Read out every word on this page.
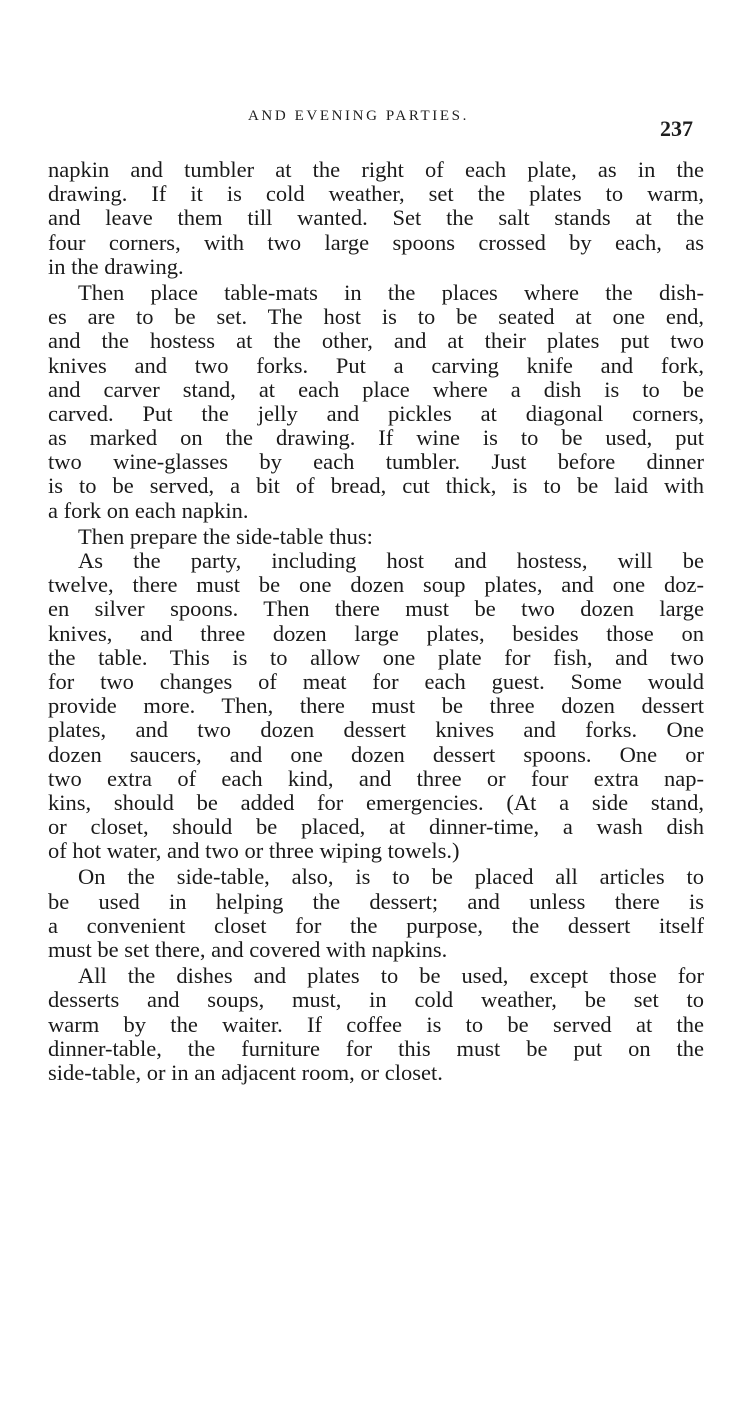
AND EVENING PARTIES.	237
napkin and tumbler at the right of each plate, as in the
drawing. If it is cold weather, set the plates to warm,
and leave them till wanted. Set the salt stands at the
four corners, with two large spoons crossed by each, as
in the drawing.
Then place table-mats in the places where the dish-
es are to be set. The host is to be seated at one end,
and the hostess at the other, and at their plates put two
knives and two forks. Put a carving knife and fork,
and carver stand, at each place where a dish is to be
carved. Put the jelly and pickles at diagonal corners,
as marked on the drawing. If wine is to be used, put
two wine-glasses by each tumbler. Just before dinner
is to be served, a bit of bread, cut thick, is to be laid with
a fork on each napkin.
Then prepare the side-table thus:
As the party, including host and hostess, will be
twelve, there must be one dozen soup plates, and one doz-
en silver spoons. Then there must be two dozen large
knives, and three dozen large plates, besides those on
the table. This is to allow one plate for fish, and two
for two changes of meat for each guest. Some would
provide more. Then, there must be three dozen dessert
plates, and two dozen dessert knives and forks. One
dozen saucers, and one dozen dessert spoons. One or
two extra of each kind, and three or four extra nap-
kins, should be added for emergencies. (At a side stand,
or closet, should be placed, at dinner-time, a wash dish
of hot water, and two or three wiping towels.)
On the side-table, also, is to be placed all articles to
be used in helping the dessert; and unless there is
a convenient closet for the purpose, the dessert itself
must be set there, and covered with napkins.
All the dishes and plates to be used, except those for
desserts and soups, must, in cold weather, be set to
warm by the waiter. If coffee is to be served at the
dinner-table, the furniture for this must be put on the
side-table, or in an adjacent room, or closet.
